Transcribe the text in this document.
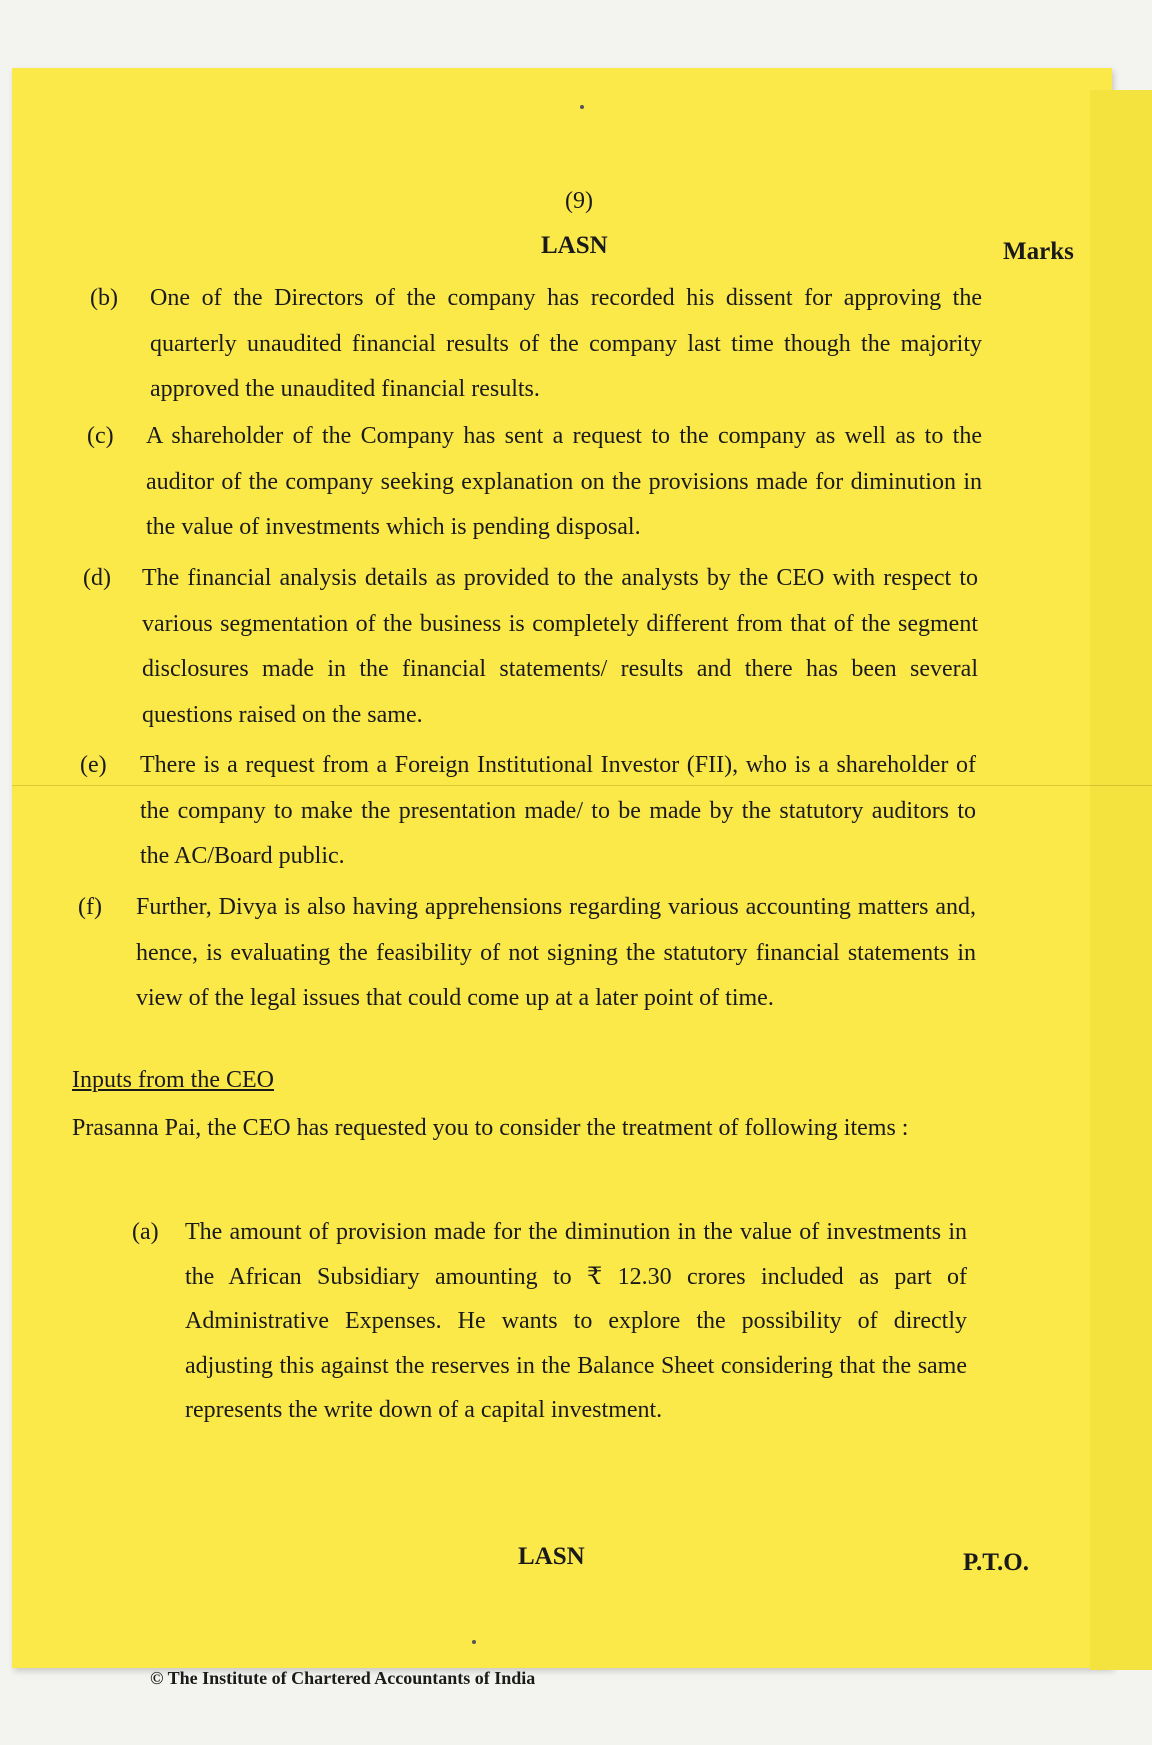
(9)
LASN	Marks
(b) One of the Directors of the company has recorded his dissent for approving the quarterly unaudited financial results of the company last time though the majority approved the unaudited financial results.
(c) A shareholder of the Company has sent a request to the company as well as to the auditor of the company seeking explanation on the provisions made for diminution in the value of investments which is pending disposal.
(d) The financial analysis details as provided to the analysts by the CEO with respect to various segmentation of the business is completely different from that of the segment disclosures made in the financial statements/ results and there has been several questions raised on the same.
(e) There is a request from a Foreign Institutional Investor (FII), who is a shareholder of the company to make the presentation made/ to be made by the statutory auditors to the AC/Board public.
(f) Further, Divya is also having apprehensions regarding various accounting matters and, hence, is evaluating the feasibility of not signing the statutory financial statements in view of the legal issues that could come up at a later point of time.
Inputs from the CEO
Prasanna Pai, the CEO has requested you to consider the treatment of following items :
(a) The amount of provision made for the diminution in the value of investments in the African Subsidiary amounting to ₹ 12.30 crores included as part of Administrative Expenses. He wants to explore the possibility of directly adjusting this against the reserves in the Balance Sheet considering that the same represents the write down of a capital investment.
LASN	P.T.O.
© The Institute of Chartered Accountants of India
